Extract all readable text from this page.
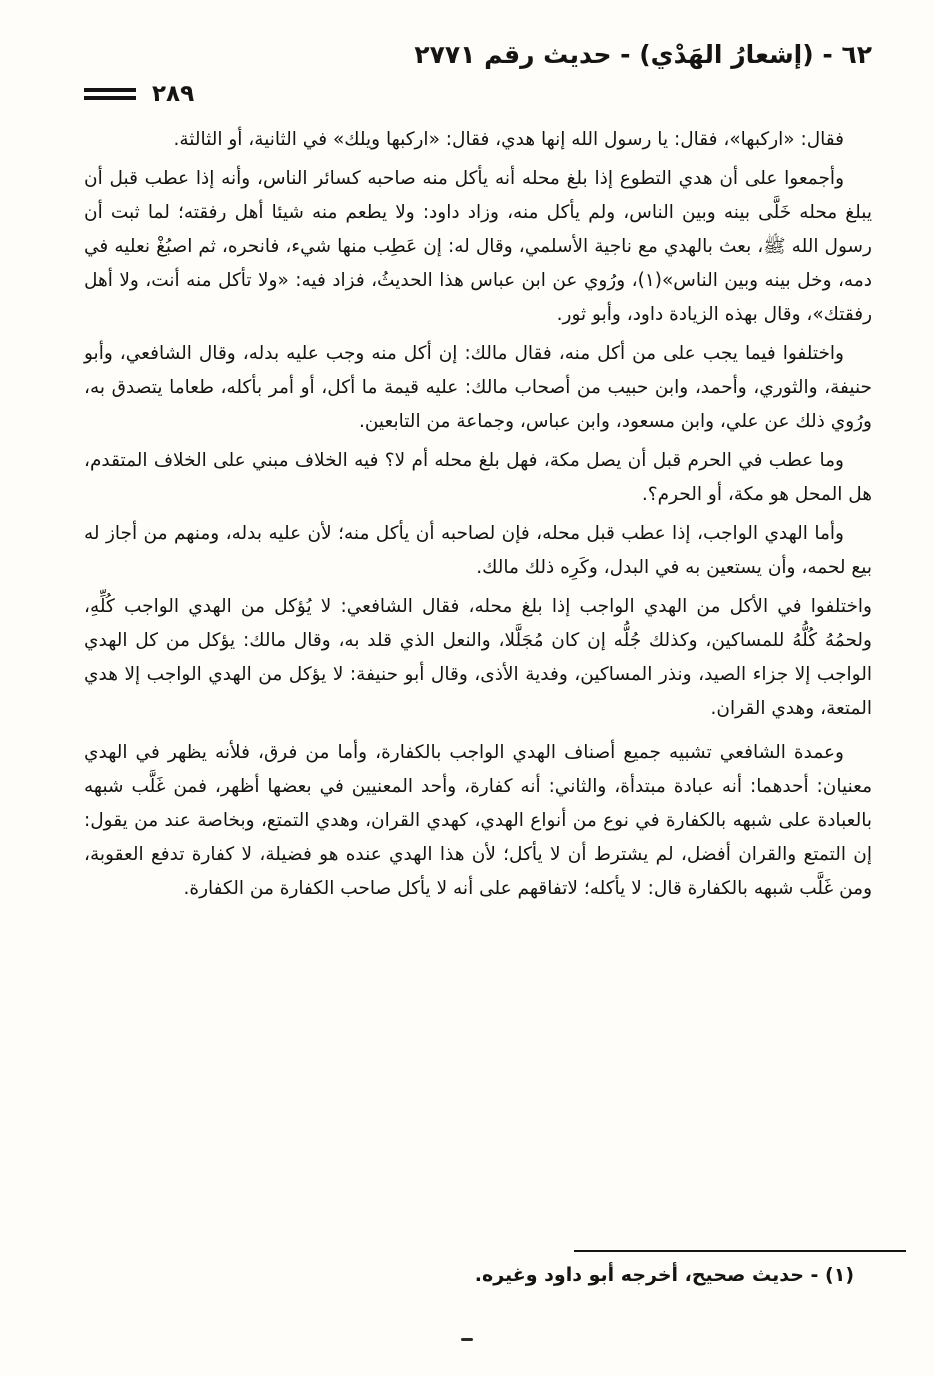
٦٢ - (إشعارُ الهَدْي) - حديث رقم ٢٧٧١
٢٨٩

فقال: «اركبها»، فقال: يا رسول الله إنها هدي، فقال: «اركبها ويلك» في الثانية، أو الثالثة.

وأجمعوا على أن هدي التطوع إذا بلغ محله أنه يأكل منه صاحبه كسائر الناس، وأنه إذا عطب قبل أن يبلغ محله خَلَّى بينه وبين الناس، ولم يأكل منه، وزاد داود: ولا يطعم منه شيئا أهل رفقته؛ لما ثبت أن رسول الله ﷺ، بعث بالهدي مع ناجية الأسلمي، وقال له: إن عَطِب منها شيء، فانحره، ثم اصبُغْ نعليه في دمه، وخل بينه وبين الناس»(١)، ورُوي عن ابن عباس هذا الحديثُ، فزاد فيه: «ولا تأكل منه أنت، ولا أهل رفقتك»، وقال بهذه الزيادة داود، وأبو ثور.

واختلفوا فيما يجب على من أكل منه، فقال مالك: إن أكل منه وجب عليه بدله، وقال الشافعي، وأبو حنيفة، والثوري، وأحمد، وابن حبيب من أصحاب مالك: عليه قيمة ما أكل، أو أمر بأكله، طعاما يتصدق به، ورُوي ذلك عن علي، وابن مسعود، وابن عباس، وجماعة من التابعين.

وما عطب في الحرم قبل أن يصل مكة، فهل بلغ محله أم لا؟ فيه الخلاف مبني على الخلاف المتقدم، هل المحل هو مكة، أو الحرم؟.

وأما الهدي الواجب، إذا عطب قبل محله، فإن لصاحبه أن يأكل منه؛ لأن عليه بدله، ومنهم من أجاز له بيع لحمه، وأن يستعين به في البدل، وكَرِه ذلك مالك.

واختلفوا في الأكل من الهدي الواجب إذا بلغ محله، فقال الشافعي: لا يُؤكل من الهدي الواجب كُلِّهِ، ولحمُهُ كُلُّهُ للمساكين، وكذلك جُلُّه إن كان مُجَلَّلا، والنعل الذي قلد به، وقال مالك: يؤكل من كل الهدي الواجب إلا جزاء الصيد، ونذر المساكين، وفدية الأذى، وقال أبو حنيفة: لا يؤكل من الهدي الواجب إلا هدي المتعة، وهدي القران.

وعمدة الشافعي تشبيه جميع أصناف الهدي الواجب بالكفارة، وأما من فرق، فلأنه يظهر في الهدي معنيان: أحدهما: أنه عبادة مبتدأة، والثاني: أنه كفارة، وأحد المعنيين في بعضها أظهر، فمن غَلَّب شبهه بالعبادة على شبهه بالكفارة في نوع من أنواع الهدي، كهدي القران، وهدي التمتع، وبخاصة عند من يقول: إن التمتع والقران أفضل، لم يشترط أن لا يأكل؛ لأن هذا الهدي عنده هو فضيلة، لا كفارة تدفع العقوبة، ومن غَلَّب شبهه بالكفارة قال: لا يأكله؛ لاتفاقهم على أنه لا يأكل صاحب الكفارة من الكفارة.

(١) - حديث صحيح، أخرجه أبو داود وغيره.
